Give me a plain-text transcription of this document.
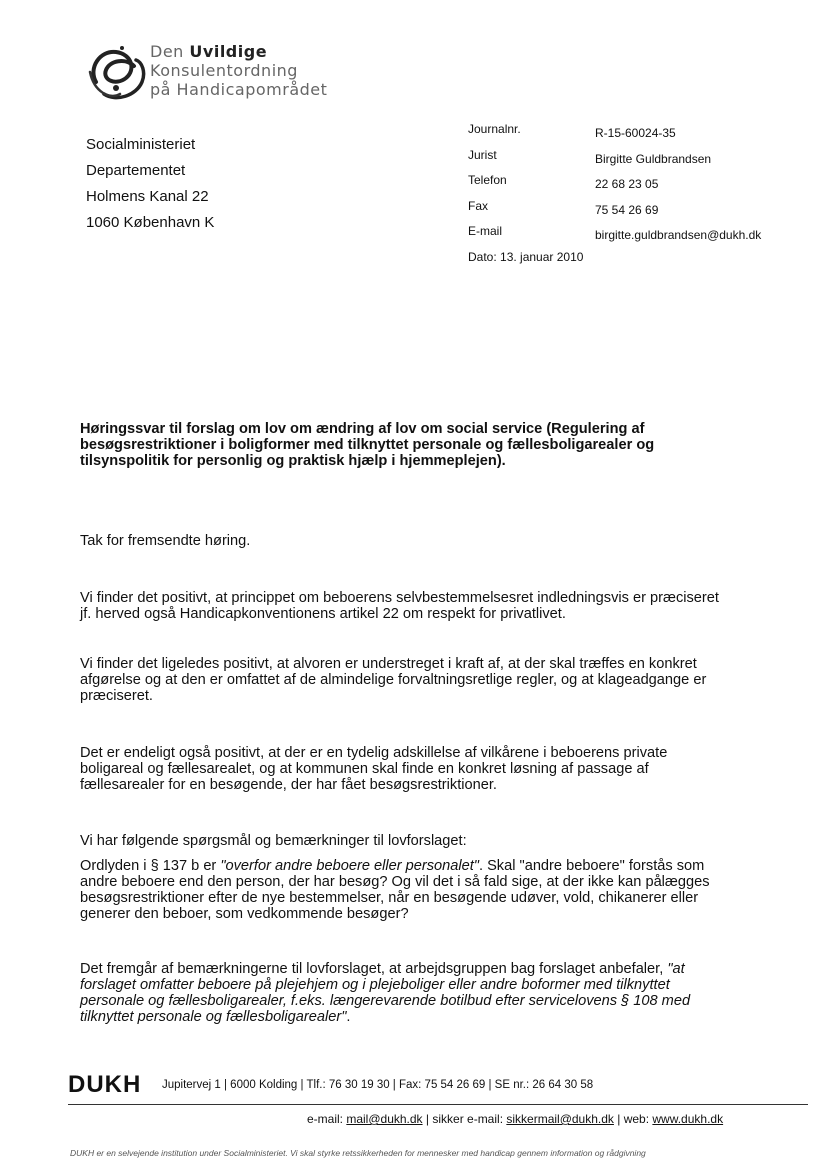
Den Uvildige
Konsulentordning
på Handicapområdet
Socialministeriet
Departementet
Holmens Kanal 22
1060 København K
Journalnr.	R-15-60024-35
Jurist	Birgitte Guldbrandsen
Telefon	22 68 23 05
Fax	75 54 26 69
E-mail	birgitte.guldbrandsen@dukh.dk
Dato: 13. januar 2010
Høringssvar til forslag om lov om ændring af lov om social service (Regulering af
besøgsrestriktioner i boligformer med tilknyttet personale og fællesboligarealer og
tilsynspolitik for personlig og praktisk hjælp i hjemmeplejen).
Tak for fremsendte høring.
Vi finder det positivt, at princippet om beboerens selvbestemmelsesret indledningsvis er præciseret
jf. herved også Handicapkonventionens artikel 22 om respekt for privatlivet.
Vi finder det ligeledes positivt, at alvoren er understreget i kraft af, at der skal træffes en konkret
afgørelse og at den er omfattet af de almindelige forvaltningsretlige regler, og at klageadgange er
præciseret.
Det er endeligt også positivt, at der er en tydelig adskillelse af vilkårene i beboerens private
boligareal og fællesarealet, og at kommunen skal finde en konkret løsning af passage af
fællesarealer for en besøgende, der har fået besøgsrestriktioner.
Vi har følgende spørgsmål og bemærkninger til lovforslaget:
Ordlyden i § 137 b er "overfor andre beboere eller personalet". Skal "andre beboere" forstås som
andre beboere end den person, der har besøg? Og vil det i så fald sige, at der ikke kan pålægges
besøgsrestriktioner efter de nye bestemmelser, når en besøgende udøver, vold, chikanerer eller
generer den beboer, som vedkommende besøger?
Det fremgår af bemærkningerne til lovforslaget, at arbejdsgruppen bag forslaget anbefaler, "at
forslaget omfatter beboere på plejehjem og i plejeboliger eller andre boformer med tilknyttet
personale og fællesboligarealer, f.eks. længerevarende botilbud efter servicelovens § 108 med
tilknyttet personale og fællesboligarealer".
DUKH Jupitervej 1 | 6000 Kolding | Tlf.: 76 30 19 30 | Fax: 75 54 26 69 | SE nr.: 26 64 30 58
e-mail: mail@dukh.dk | sikker e-mail: sikkermail@dukh.dk | web: www.dukh.dk
DUKH er en selvejende institution under Socialministeriet. Vi skal styrke retssikkerheden for mennesker med handicap gennem information og rådgivning
